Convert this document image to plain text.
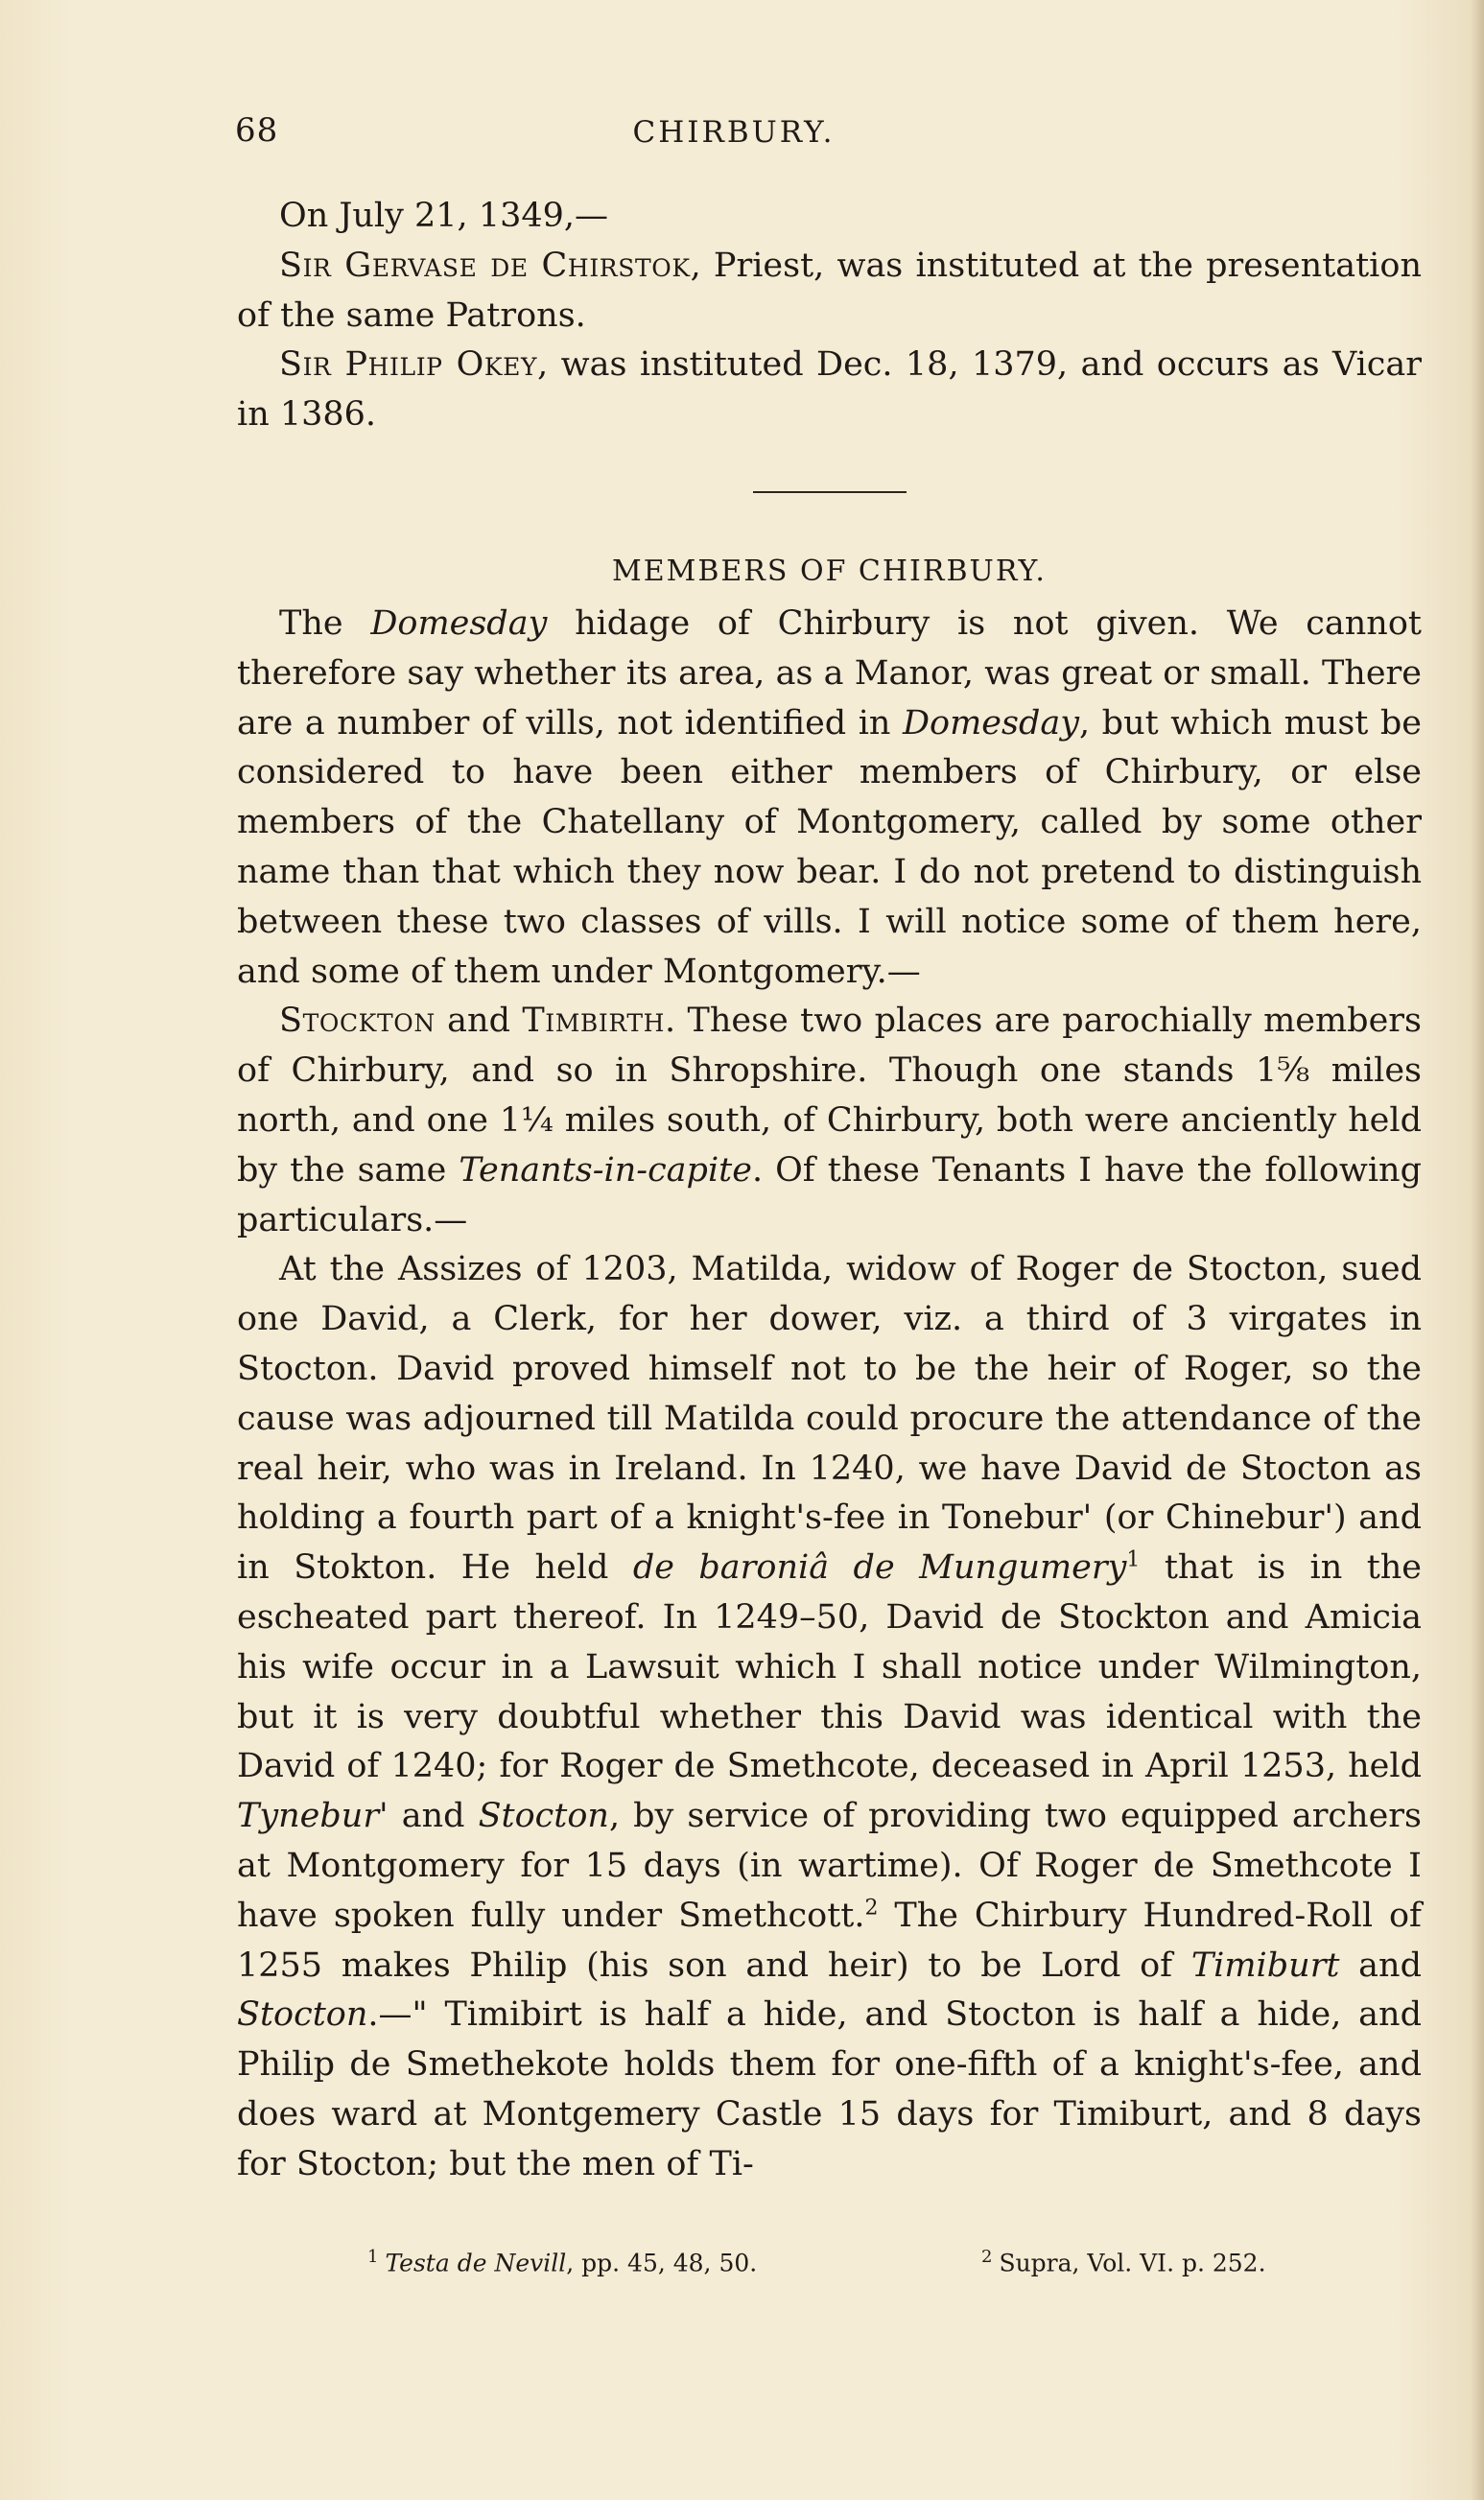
68	CHIRBURY.

On July 21, 1349,—

Sir Gervase de Chirstok, Priest, was instituted at the presentation of the same Patrons.

Sir Philip Okey, was instituted Dec. 18, 1379, and occurs as Vicar in 1386.

MEMBERS OF CHIRBURY.

The Domesday hidage of Chirbury is not given. We cannot therefore say whether its area, as a Manor, was great or small. There are a number of vills, not identified in Domesday, but which must be considered to have been either members of Chirbury, or else members of the Chatellany of Montgomery, called by some other name than that which they now bear. I do not pretend to distinguish between these two classes of vills. I will notice some of them here, and some of them under Montgomery.—

Stockton and Timbirth. These two places are parochially members of Chirbury, and so in Shropshire. Though one stands 1⅝ miles north, and one 1¼ miles south, of Chirbury, both were anciently held by the same Tenants-in-capite. Of these Tenants I have the following particulars.—

At the Assizes of 1203, Matilda, widow of Roger de Stocton, sued one David, a Clerk, for her dower, viz. a third of 3 virgates in Stocton. David proved himself not to be the heir of Roger, so the cause was adjourned till Matilda could procure the attendance of the real heir, who was in Ireland. In 1240, we have David de Stocton as holding a fourth part of a knight's-fee in Tonebur' (or Chinebur') and in Stokton. He held de baroniâ de Mungumery$^1$ that is in the escheated part thereof. In 1249–50, David de Stockton and Amicia his wife occur in a Lawsuit which I shall notice under Wilmington, but it is very doubtful whether this David was identical with the David of 1240; for Roger de Smethcote, deceased in April 1253, held Tynebur' and Stocton, by service of providing two equipped archers at Montgomery for 15 days (in wartime). Of Roger de Smethcote I have spoken fully under Smethcott.$^2$ The Chirbury Hundred-Roll of 1255 makes Philip (his son and heir) to be Lord of Timiburt and Stocton.—" Timibirt is half a hide, and Stocton is half a hide, and Philip de Smethekote holds them for one-fifth of a knight's-fee, and does ward at Montgemery Castle 15 days for Timiburt, and 8 days for Stocton; but the men of Ti-

$^1$ Testa de Nevill, pp. 45, 48, 50.	$^2$ Supra, Vol. VI. p. 252.
